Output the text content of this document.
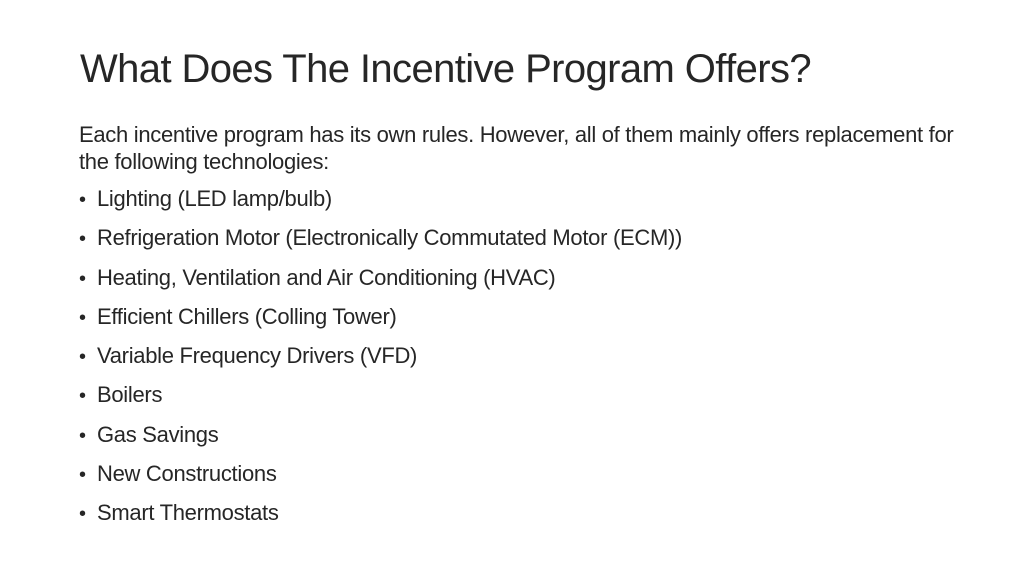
What Does The Incentive Program Offers?

Each incentive program has its own rules. However, all of them mainly offers replacement for the following technologies:

• Lighting (LED lamp/bulb)
• Refrigeration Motor (Electronically Commutated Motor (ECM))
• Heating, Ventilation and Air Conditioning (HVAC)
• Efficient Chillers (Colling Tower)
• Variable Frequency Drivers (VFD)
• Boilers
• Gas Savings
• New Constructions
• Smart Thermostats
